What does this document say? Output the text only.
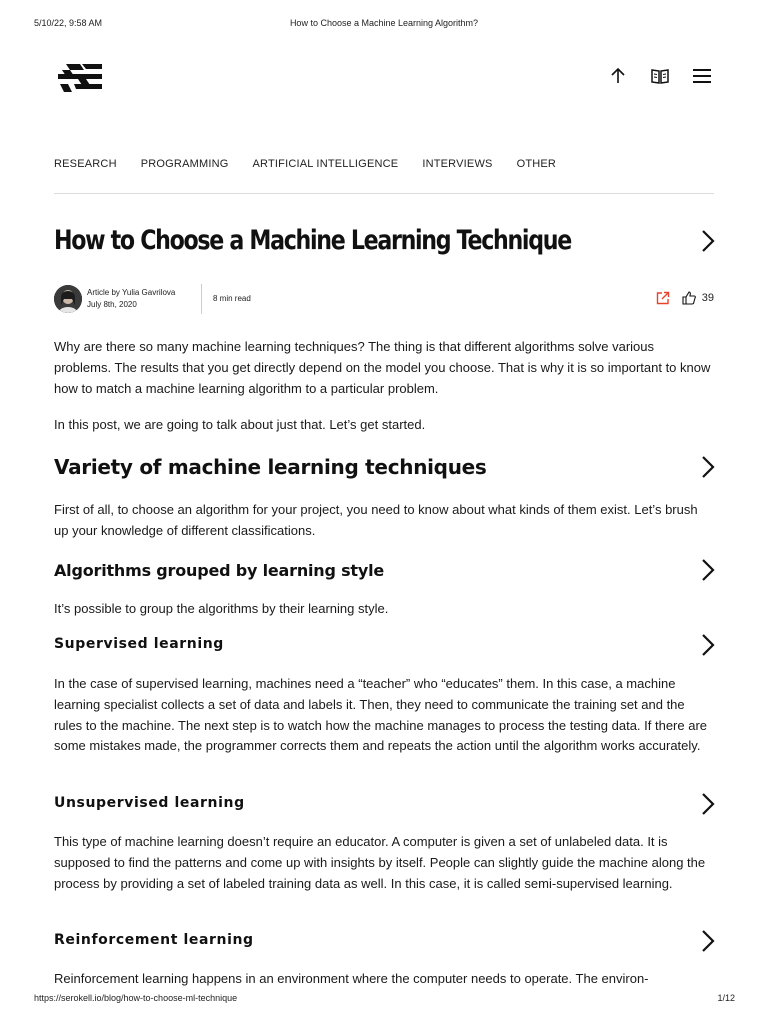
5/10/22, 9:58 AM	How to Choose a Machine Learning Algorithm?
RESEARCH PROGRAMMING ARTIFICIAL INTELLIGENCE INTERVIEWS OTHER
How to Choose a Machine Learning Technique
Article by Yulia Gavrilova
July 8th, 2020
8 min read	39

Why are there so many machine learning techniques? The thing is that different algorithms solve various problems. The results that you get directly depend on the model you choose. That is why it is so important to know how to match a machine learning algorithm to a particular problem.

In this post, we are going to talk about just that. Let’s get started.

Variety of machine learning techniques

First of all, to choose an algorithm for your project, you need to know about what kinds of them exist. Let’s brush up your knowledge of different classifications.

Algorithms grouped by learning style

It’s possible to group the algorithms by their learning style.

Supervised learning

In the case of supervised learning, machines need a “teacher” who “educates” them. In this case, a machine learning specialist collects a set of data and labels it. Then, they need to communicate the training set and the rules to the machine. The next step is to watch how the machine manages to process the testing data. If there are some mistakes made, the programmer corrects them and repeats the action until the algorithm works accurately.

Unsupervised learning

This type of machine learning doesn’t require an educator. A computer is given a set of unlabeled data. It is supposed to find the patterns and come up with insights by itself. People can slightly guide the machine along the process by providing a set of labeled training data as well. In this case, it is called semi-supervised learning.

Reinforcement learning

Reinforcement learning happens in an environment where the computer needs to operate. The environ-

https://serokell.io/blog/how-to-choose-ml-technique	1/12
